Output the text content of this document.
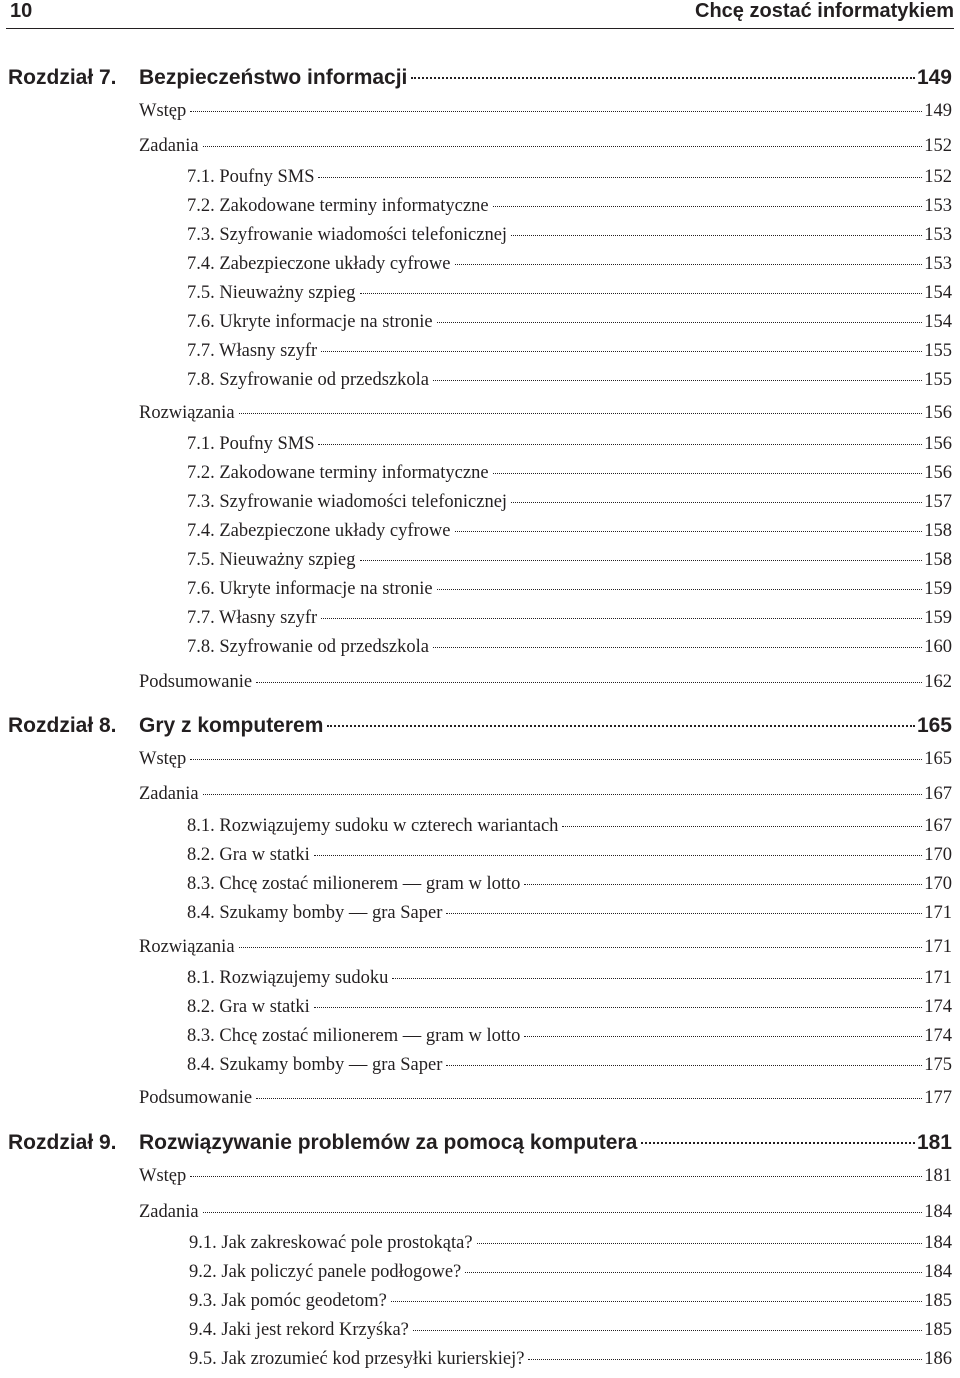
10	Chcę zostać informatykiem
Rozdział 7. Bezpieczeństwo informacji	149
Wstęp	149
Zadania	152
7.1. Poufny SMS	152
7.2. Zakodowane terminy informatyczne	153
7.3. Szyfrowanie wiadomości telefonicznej	153
7.4. Zabezpieczone układy cyfrowe	153
7.5. Nieuważny szpieg	154
7.6. Ukryte informacje na stronie	154
7.7. Własny szyfr	155
7.8. Szyfrowanie od przedszkola	155
Rozwiązania	156
7.1. Poufny SMS	156
7.2. Zakodowane terminy informatyczne	156
7.3. Szyfrowanie wiadomości telefonicznej	157
7.4. Zabezpieczone układy cyfrowe	158
7.5. Nieuważny szpieg	158
7.6. Ukryte informacje na stronie	159
7.7. Własny szyfr	159
7.8. Szyfrowanie od przedszkola	160
Podsumowanie	162
Rozdział 8. Gry z komputerem	165
Wstęp	165
Zadania	167
8.1. Rozwiązujemy sudoku w czterech wariantach	167
8.2. Gra w statki	170
8.3. Chcę zostać milionerem — gram w lotto	170
8.4. Szukamy bomby — gra Saper	171
Rozwiązania	171
8.1. Rozwiązujemy sudoku	171
8.2. Gra w statki	174
8.3. Chcę zostać milionerem — gram w lotto	174
8.4. Szukamy bomby — gra Saper	175
Podsumowanie	177
Rozdział 9. Rozwiązywanie problemów za pomocą komputera	181
Wstęp	181
Zadania	184
9.1. Jak zakreskować pole prostokąta?	184
9.2. Jak policzyć panele podłogowe?	184
9.3. Jak pomóc geodetom?	185
9.4. Jaki jest rekord Krzyśka?	185
9.5. Jak zrozumieć kod przesyłki kurierskiej?	186
